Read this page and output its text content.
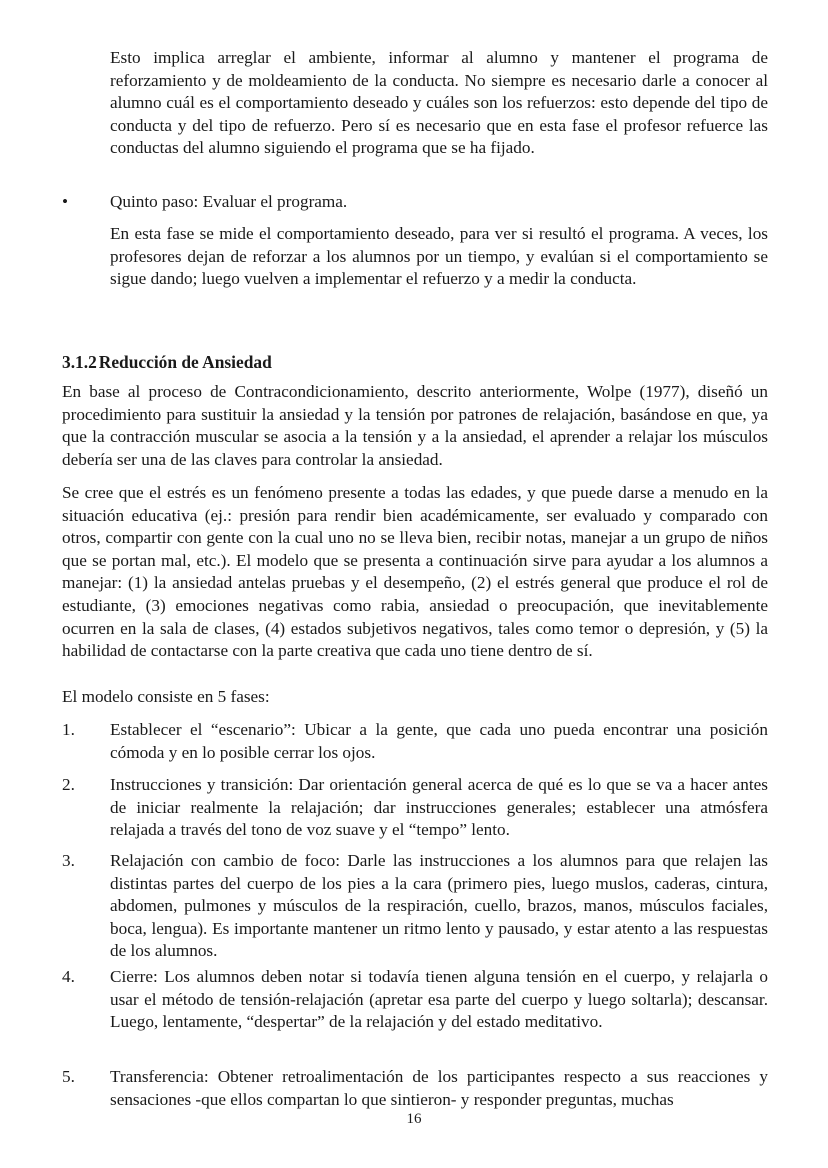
Esto implica arreglar el ambiente, informar al alumno y mantener el programa de reforzamiento y de moldeamiento de la conducta. No siempre es necesario darle a conocer al alumno cuál es el comportamiento deseado y cuáles son los refuerzos: esto depende del tipo de conducta y del tipo de refuerzo. Pero sí es necesario que en esta fase el profesor refuerce las conductas del alumno siguiendo el programa que se ha fijado.

• Quinto paso: Evaluar el programa.

En esta fase se mide el comportamiento deseado, para ver si resultó el programa. A veces, los profesores dejan de reforzar a los alumnos por un tiempo, y evalúan si el comportamiento se sigue dando; luego vuelven a implementar el refuerzo y a medir la conducta.

3.1.2 Reducción de Ansiedad

En base al proceso de Contracondicionamiento, descrito anteriormente, Wolpe (1977), diseñó un procedimiento para sustituir la ansiedad y la tensión por patrones de relajación, basándose en que, ya que la contracción muscular se asocia a la tensión y a la ansiedad, el aprender a relajar los músculos debería ser una de las claves para controlar la ansiedad.

Se cree que el estrés es un fenómeno presente a todas las edades, y que puede darse a menudo en la situación educativa (ej.: presión para rendir bien académicamente, ser evaluado y comparado con otros, compartir con gente con la cual uno no se lleva bien, recibir notas, manejar a un grupo de niños que se portan mal, etc.). El modelo que se presenta a continuación sirve para ayudar a los alumnos a manejar: (1) la ansiedad antelas pruebas y el desempeño, (2) el estrés general que produce el rol de estudiante, (3) emociones negativas como rabia, ansiedad o preocupación, que inevitablemente ocurren en la sala de clases, (4) estados subjetivos negativos, tales como temor o depresión, y (5) la habilidad de contactarse con la parte creativa que cada uno tiene dentro de sí.

El modelo consiste en 5 fases:

1. Establecer el “escenario”: Ubicar a la gente, que cada uno pueda encontrar una posición cómoda y en lo posible cerrar los ojos.

2. Instrucciones y transición: Dar orientación general acerca de qué es lo que se va a hacer antes de iniciar realmente la relajación; dar instrucciones generales; establecer una atmósfera relajada a través del tono de voz suave y el “tempo” lento.

3. Relajación con cambio de foco: Darle las instrucciones a los alumnos para que relajen las distintas partes del cuerpo de los pies a la cara (primero pies, luego muslos, caderas, cintura, abdomen, pulmones y músculos de la respiración, cuello, brazos, manos, músculos faciales, boca, lengua). Es importante mantener un ritmo lento y pausado, y estar atento a las respuestas de los alumnos.

4. Cierre: Los alumnos deben notar si todavía tienen alguna tensión en el cuerpo, y relajarla o usar el método de tensión-relajación (apretar esa parte del cuerpo y luego soltarla); descansar. Luego, lentamente, “despertar” de la relajación y del estado meditativo.

5. Transferencia: Obtener retroalimentación de los participantes respecto a sus reacciones y sensaciones -que ellos compartan lo que sintieron- y responder preguntas, muchas

16
